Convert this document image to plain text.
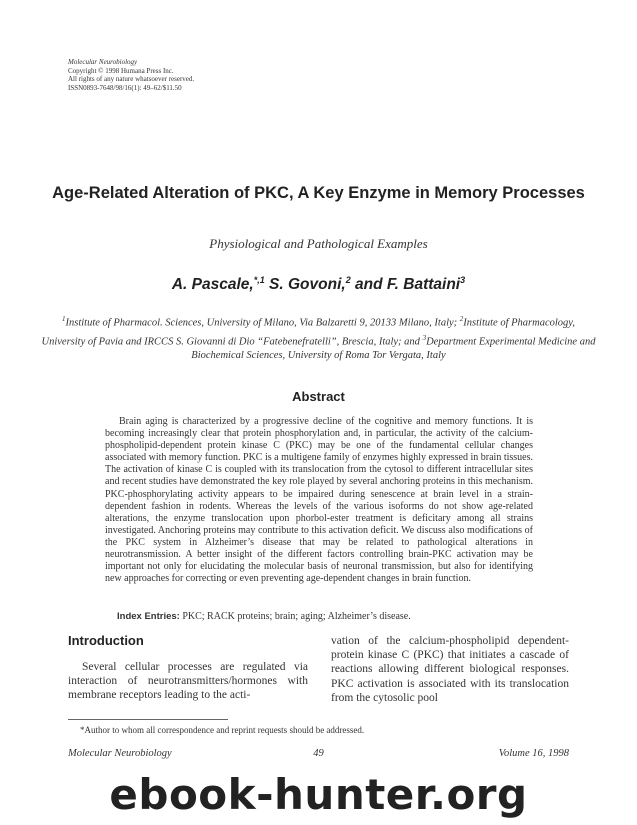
Molecular Neurobiology
Copyright © 1998 Humana Press Inc.
All rights of any nature whatsoever reserved.
ISSN0893-7648/98/16(1): 49–62/$11.50
Age-Related Alteration of PKC, A Key Enzyme in Memory Processes
Physiological and Pathological Examples
A. Pascale,$^{*,1}$ S. Govoni,$^2$ and F. Battaini$^3$
$^1$Institute of Pharmacol. Sciences, University of Milano, Via Balzaretti 9, 20133 Milano, Italy; $^2$Institute of Pharmacology, University of Pavia and IRCCS S. Giovanni di Dio “Fatebenefratelli”, Brescia, Italy; and $^3$Department Experimental Medicine and Biochemical Sciences, University of Roma Tor Vergata, Italy
Abstract

Brain aging is characterized by a progressive decline of the cognitive and memory functions. It is becoming increasingly clear that protein phosphorylation and, in particular, the activity of the calcium-phospholipid-dependent protein kinase C (PKC) may be one of the fundamental cellular changes associated with memory function. PKC is a multigene family of enzymes highly expressed in brain tissues. The activation of kinase C is coupled with its translocation from the cytosol to different intracellular sites and recent studies have demonstrated the key role played by several anchoring proteins in this mechanism. PKC-phosphorylating activity appears to be impaired during senescence at brain level in a strain-dependent fashion in rodents. Whereas the levels of the various isoforms do not show age-related alterations, the enzyme translocation upon phorbol-ester treatment is deficitary among all strains investigated. Anchoring proteins may contribute to this activation deficit. We discuss also modifications of the PKC system in Alzheimer’s disease that may be related to pathological alterations in neurotransmission. A better insight of the different factors controlling brain-PKC activation may be important not only for elucidating the molecular basis of neuronal transmission, but also for identifying new approaches for correcting or even preventing age-dependent changes in brain function.

Index Entries: PKC; RACK proteins; brain; aging; Alzheimer’s disease.
Introduction

Several cellular processes are regulated via interaction of neurotransmitters/hormones with membrane receptors leading to the acti-

vation of the calcium-phospholipid dependent-protein kinase C (PKC) that initiates a cascade of reactions allowing different biological responses. PKC activation is associated with its translocation from the cytosolic pool

*Author to whom all correspondence and reprint requests should be addressed.
Molecular Neurobiology	49	Volume 16, 1998
ebook-hunter.org
